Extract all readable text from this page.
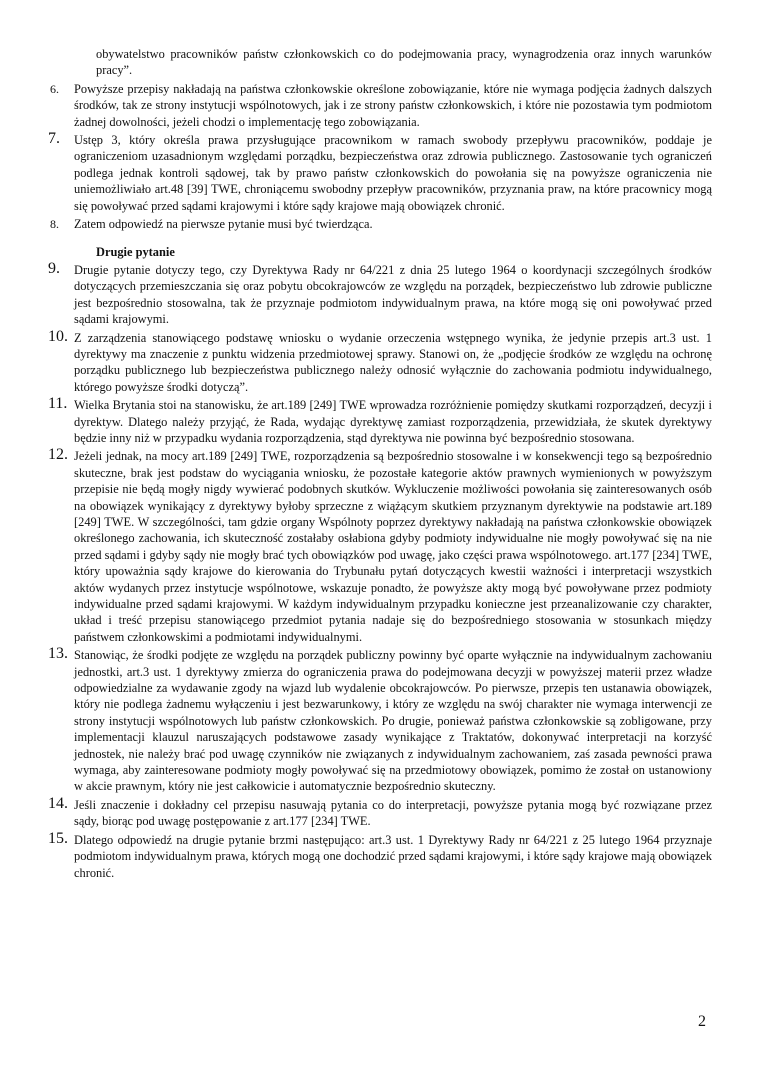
obywatelstwo pracowników państw członkowskich co do podejmowania pracy, wynagrodzenia oraz innych warunków pracy”.

6. Powyższe przepisy nakładają na państwa członkowskie określone zobowiązanie, które nie wymaga podjęcia żadnych dalszych środków, tak ze strony instytucji wspólnotowych, jak i ze strony państw członkowskich, i które nie pozostawia tym podmiotom żadnej dowolności, jeżeli chodzi o implementację tego zobowiązania.

7. Ustęp 3, który określa prawa przysługujące pracownikom w ramach swobody przepływu pracowników, poddaje je ograniczeniom uzasadnionym względami porządku, bezpieczeństwa oraz zdrowia publicznego. Zastosowanie tych ograniczeń podlega jednak kontroli sądowej, tak by prawo państw członkowskich do powołania się na powyższe ograniczenia nie uniemożliwiało art.48 [39] TWE, chroniącemu swobodny przepływ pracowników, przyznania praw, na które pracownicy mogą się powoływać przed sądami krajowymi i które sądy krajowe mają obowiązek chronić.

8. Zatem odpowiedź na pierwsze pytanie musi być twierdząca.

Drugie pytanie

9. Drugie pytanie dotyczy tego, czy Dyrektywa Rady nr 64/221 z dnia 25 lutego 1964 o koordynacji szczególnych środków dotyczących przemieszczania się oraz pobytu obcokrajowców ze względu na porządek, bezpieczeństwo lub zdrowie publiczne jest bezpośrednio stosowalna, tak że przyznaje podmiotom indywidualnym prawa, na które mogą się oni powoływać przed sądami krajowymi.

10. Z zarządzenia stanowiącego podstawę wniosku o wydanie orzeczenia wstępnego wynika, że jedynie przepis art.3 ust. 1 dyrektywy ma znaczenie z punktu widzenia przedmiotowej sprawy. Stanowi on, że „podjęcie środków ze względu na ochronę porządku publicznego lub bezpieczeństwa publicznego należy odnosić wyłącznie do zachowania podmiotu indywidualnego, którego powyższe środki dotyczą”.

11. Wielka Brytania stoi na stanowisku, że art.189 [249] TWE wprowadza rozróżnienie pomiędzy skutkami rozporządzeń, decyzji i dyrektyw. Dlatego należy przyjąć, że Rada, wydając dyrektywę zamiast rozporządzenia, przewidziała, że skutek dyrektywy będzie inny niż w przypadku wydania rozporządzenia, stąd dyrektywa nie powinna być bezpośrednio stosowana.

12. Jeżeli jednak, na mocy art.189 [249] TWE, rozporządzenia są bezpośrednio stosowalne i w konsekwencji tego są bezpośrednio skuteczne, brak jest podstaw do wyciągania wniosku, że pozostałe kategorie aktów prawnych wymienionych w powyższym przepisie nie będą mogły nigdy wywierać podobnych skutków. Wykluczenie możliwości powołania się zainteresowanych osób na obowiązek wynikający z dyrektywy byłoby sprzeczne z wiążącym skutkiem przyznanym dyrektywie na podstawie art.189 [249] TWE. W szczególności, tam gdzie organy Wspólnoty poprzez dyrektywy nakładają na państwa członkowskie obowiązek określonego zachowania, ich skuteczność zostałaby osłabiona gdyby podmioty indywidualne nie mogły powoływać się na nie przed sądami i gdyby sądy nie mogły brać tych obowiązków pod uwagę, jako części prawa wspólnotowego. art.177 [234] TWE, który upoważnia sądy krajowe do kierowania do Trybunału pytań dotyczących kwestii ważności i interpretacji wszystkich aktów wydanych przez instytucje wspólnotowe, wskazuje ponadto, że powyższe akty mogą być powoływane przez podmioty indywidualne przed sądami krajowymi. W każdym indywidualnym przypadku konieczne jest przeanalizowanie czy charakter, układ i treść przepisu stanowiącego przedmiot pytania nadaje się do bezpośredniego stosowania w stosunkach między państwem członkowskimi a podmiotami indywidualnymi.

13. Stanowiąc, że środki podjęte ze względu na porządek publiczny powinny być oparte wyłącznie na indywidualnym zachowaniu jednostki, art.3 ust. 1 dyrektywy zmierza do ograniczenia prawa do podejmowana decyzji w powyższej materii przez władze odpowiedzialne za wydawanie zgody na wjazd lub wydalenie obcokrajowców. Po pierwsze, przepis ten ustanawia obowiązek, który nie podlega żadnemu wyłączeniu i jest bezwarunkowy, i który ze względu na swój charakter nie wymaga interwencji ze strony instytucji wspólnotowych lub państw członkowskich. Po drugie, ponieważ państwa członkowskie są zobligowane, przy implementacji klauzul naruszających podstawowe zasady wynikające z Traktatów, dokonywać interpretacji na korzyść jednostek, nie należy brać pod uwagę czynników nie związanych z indywidualnym zachowaniem, zaś zasada pewności prawa wymaga, aby zainteresowane podmioty mogły powoływać się na przedmiotowy obowiązek, pomimo że został on ustanowiony w akcie prawnym, który nie jest całkowicie i automatycznie bezpośrednio skuteczny.

14. Jeśli znaczenie i dokładny cel przepisu nasuwają pytania co do interpretacji, powyższe pytania mogą być rozwiązane przez sądy, biorąc pod uwagę postępowanie z art.177 [234] TWE.

15. Dlatego odpowiedź na drugie pytanie brzmi następująco: art.3 ust. 1 Dyrektywy Rady nr 64/221 z 25 lutego 1964 przyznaje podmiotom indywidualnym prawa, których mogą one dochodzić przed sądami krajowymi, i które sądy krajowe mają obowiązek chronić.

2
